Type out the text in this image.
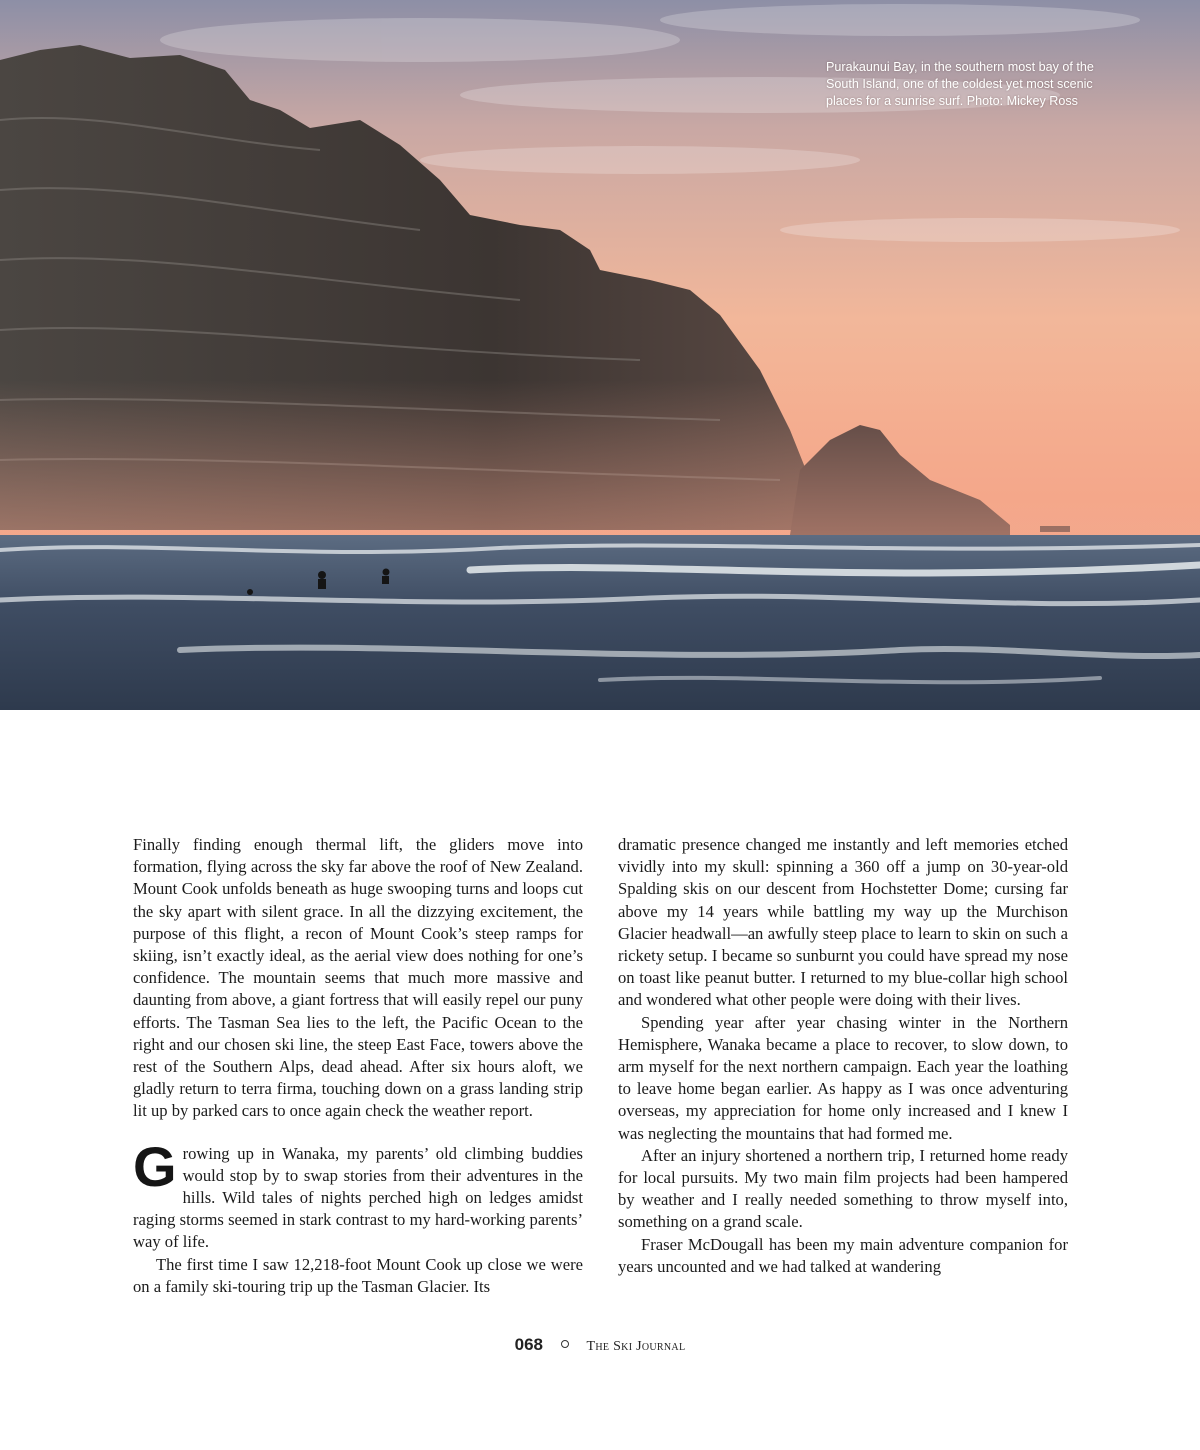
Purakaunui Bay, in the southern most bay of the South Island, one of the coldest yet most scenic places for a sunrise surf. Photo: Mickey Ross

Finally finding enough thermal lift, the gliders move into formation, flying across the sky far above the roof of New Zealand. Mount Cook unfolds beneath as huge swooping turns and loops cut the sky apart with silent grace. In all the dizzying excitement, the purpose of this flight, a recon of Mount Cook’s steep ramps for skiing, isn’t exactly ideal, as the aerial view does nothing for one’s confidence. The mountain seems that much more massive and daunting from above, a giant fortress that will easily repel our puny efforts. The Tasman Sea lies to the left, the Pacific Ocean to the right and our chosen ski line, the steep East Face, towers above the rest of the Southern Alps, dead ahead. After six hours aloft, we gladly return to terra firma, touching down on a grass landing strip lit up by parked cars to once again check the weather report.

Growing up in Wanaka, my parents’ old climbing buddies would stop by to swap stories from their adventures in the hills. Wild tales of nights perched high on ledges amidst raging storms seemed in stark contrast to my hard-working parents’ way of life.

The first time I saw 12,218-foot Mount Cook up close we were on a family ski-touring trip up the Tasman Glacier. Its

dramatic presence changed me instantly and left memories etched vividly into my skull: spinning a 360 off a jump on 30-year-old Spalding skis on our descent from Hochstetter Dome; cursing far above my 14 years while battling my way up the Murchison Glacier headwall—an awfully steep place to learn to skin on such a rickety setup. I became so sunburnt you could have spread my nose on toast like peanut butter. I returned to my blue-collar high school and wondered what other people were doing with their lives.

Spending year after year chasing winter in the Northern Hemisphere, Wanaka became a place to recover, to slow down, to arm myself for the next northern campaign. Each year the loathing to leave home began earlier. As happy as I was once adventuring overseas, my appreciation for home only increased and I knew I was neglecting the mountains that had formed me.

After an injury shortened a northern trip, I returned home ready for local pursuits. My two main film projects had been hampered by weather and I really needed something to throw myself into, something on a grand scale.

Fraser McDougall has been my main adventure companion for years uncounted and we had talked at wandering

068	The Ski Journal
